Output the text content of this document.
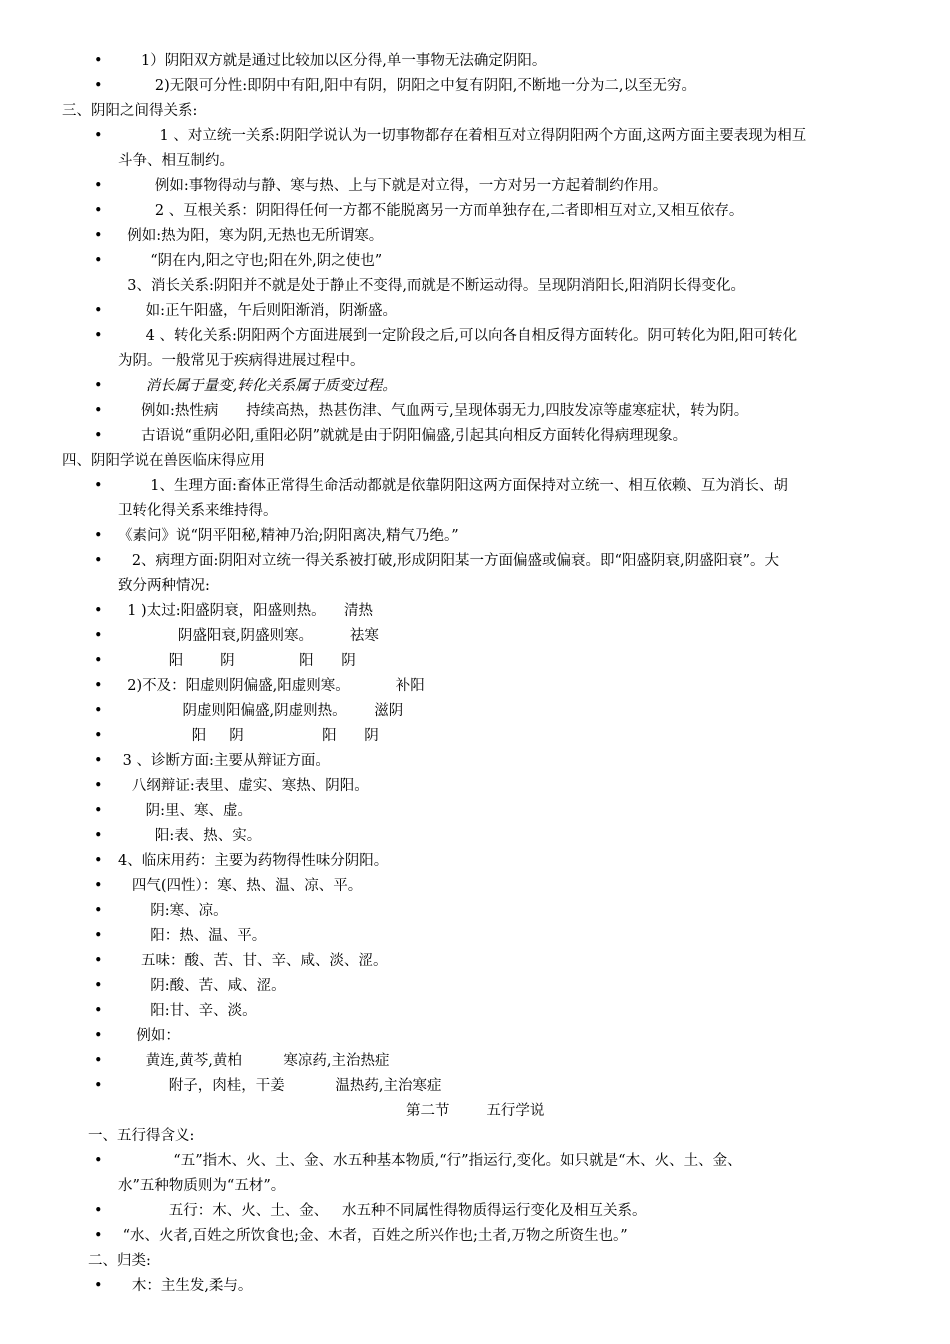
•      1）阴阳双方就是通过比较加以区分得,单一事物无法确定阴阳。
•         2)无限可分性:即阴中有阳,阳中有阴，阴阳之中复有阴阳,不断地一分为二,以至无穷。
三、阴阳之间得关系:
•          1 、对立统一关系:阴阳学说认为一切事物都存在着相互对立得阴阳两个方面,这两方面主要表现为相互
斗争、相互制约。
•         例如:事物得动与静、寒与热、上与下就是对立得，一方对另一方起着制约作用。
•         2 、互根关系：阴阳得任何一方都不能脱离另一方而单独存在,二者即相互对立,又相互依存。
•   例如:热为阳，寒为阴,无热也无所谓寒。
•        “阴在内,阳之守也;阳在外,阴之使也”
3、消长关系:阴阳并不就是处于静止不变得,而就是不断运动得。呈现阴消阳长,阳消阴长得变化。
•       如:正午阳盛，午后则阳渐消，阴渐盛。
•       4 、转化关系:阴阳两个方面进展到一定阶段之后,可以向各自相反得方面转化。阴可转化为阳,阳可转化
为阴。一般常见于疾病得进展过程中。
•       消长属于量变,转化关系属于质变过程。
•      例如:热性病      持续高热，热甚伤津、气血两亏,呈现体弱无力,四肢发凉等虚寒症状，转为阴。
•      古语说“重阴必阳,重阳必阴”就就是由于阴阳偏盛,引起其向相反方面转化得病理现象。
四、阴阳学说在兽医临床得应用
•        1、生理方面:畜体正常得生命活动都就是依靠阴阳这两方面保持对立统一、相互依赖、互为消长、胡
卫转化得关系来维持得。
• 《素问》说“阴平阳秘,精神乃治;阴阳离决,精气乃绝。”
•    2、病理方面:阴阳对立统一得关系被打破,形成阴阳某一方面偏盛或偏衰。即“阳盛阴衰,阴盛阳衰”。大
致分两种情况:
•   1 )太过:阳盛阴衰，阳盛则热。    清热
•              阴盛阳衰,阴盛则寒。        祛寒
•            阳        阴              阳      阴
•   2)不及：阳虚则阴偏盛,阳虚则寒。          补阳
•               阴虚则阳偏盛,阴虚则热。      滋阴
•                 阳     阴                 阳      阴
•  3 、诊断方面:主要从辩证方面。
•    八纲辩证:表里、虚实、寒热、阴阳。
•       阴:里、寒、虚。
•         阳:表、热、实。
• 4、临床用药：主要为药物得性味分阴阳。
•    四气(四性）：寒、热、温、凉、平。
•        阴:寒、凉。
•        阳：热、温、平。
•      五味：酸、苦、甘、辛、咸、淡、涩。
•        阴:酸、苦、咸、涩。
•        阳:甘、辛、淡。
•     例如：
•       黄连,黄芩,黄柏         寒凉药,主治热症
•            附子，肉桂，干姜           温热药,主治寒症
第二节        五行学说
一、五行得含义:
•             “五”指木、火、土、金、水五种基本物质,“行”指运行,变化。如只就是“木、火、土、金、
水”五种物质则为“五材”。
•            五行：木、火、土、金、   水五种不同属性得物质得运行变化及相互关系。
•  “水、火者,百姓之所饮食也;金、木者，百姓之所兴作也;土者,万物之所资生也。”
二、归类:
•    木：主生发,柔与。
